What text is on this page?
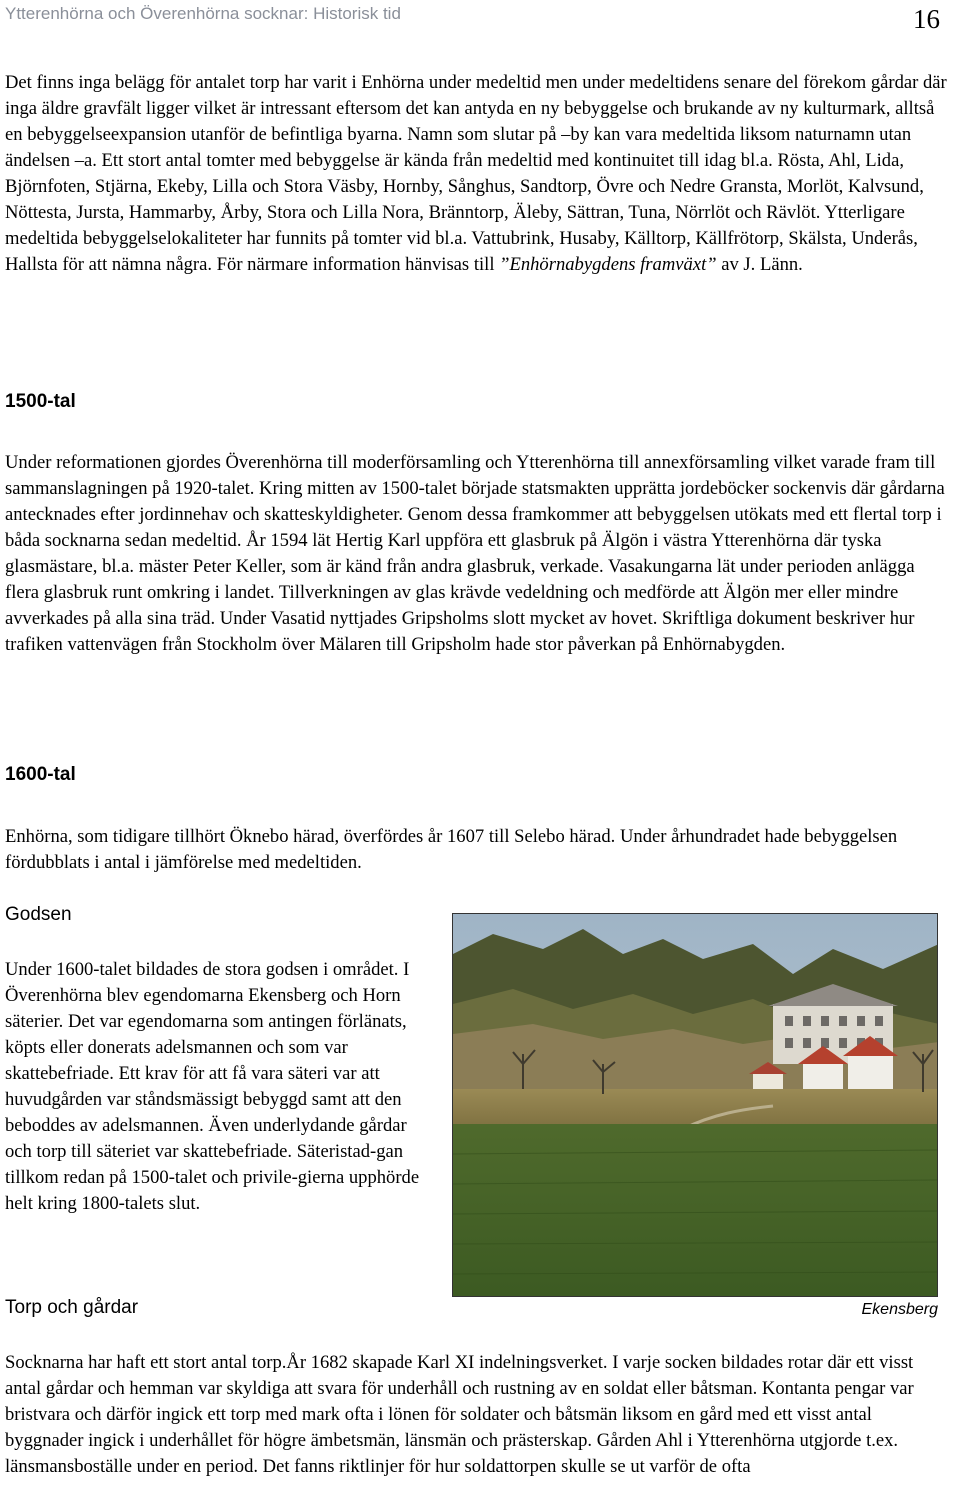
Ytterenhörna och Överenhörna socknar: Historisk tid	16

Det finns inga belägg för antalet torp har varit i Enhörna under medeltid men under medeltidens senare del förekom gårdar där inga äldre gravfält ligger vilket är intressant eftersom det kan antyda en ny bebyggelse och brukande av ny kulturmark, alltså en bebyggelseexpansion utanför de befintliga byarna. Namn som slutar på –by kan vara medeltida liksom naturnamn utan ändelsen –a. Ett stort antal tomter med bebyggelse är kända från medeltid med kontinuitet till idag bl.a. Rösta, Ahl, Lida, Björnfoten, Stjärna, Ekeby, Lilla och Stora Väsby, Hornby, Sånghus, Sandtorp, Övre och Nedre Gransta, Morlöt, Kalvsund, Nöttesta, Jursta, Hammarby, Årby, Stora och Lilla Nora, Bränntorp, Äleby, Sättran, Tuna, Nörrlöt och Rävlöt. Ytterligare medeltida bebyggelselokaliteter har funnits på tomter vid bl.a. Vattubrink, Husaby, Källtorp, Källfrötorp, Skälsta, Underås, Hallsta för att nämna några. För närmare information hänvisas till ”Enhörnabygdens framväxt” av J. Länn.

1500-tal

Under reformationen gjordes Överenhörna till moderförsamling och Ytterenhörna till annexförsamling vilket varade fram till sammanslagningen på 1920-talet. Kring mitten av 1500-talet började statsmakten upprätta jordeböcker sockenvis där gårdarna antecknades efter jordinnehav och skatteskyldigheter. Genom dessa framkommer att bebyggelsen utökats med ett flertal torp i båda socknarna sedan medeltid. År 1594 lät Hertig Karl uppföra ett glasbruk på Älgön i västra Ytterenhörna där tyska glasmästare, bl.a. mäster Peter Keller, som är känd från andra glasbruk, verkade. Vasakungarna lät under perioden anlägga flera glasbruk runt omkring i landet. Tillverkningen av glas krävde vedeldning och medförde att Älgön mer eller mindre avverkades på alla sina träd. Under Vasatid nyttjades Gripsholms slott mycket av hovet. Skriftliga dokument beskriver hur trafiken vattenvägen från Stockholm över Mälaren till Gripsholm hade stor påverkan på Enhörnabygden.

1600-tal

Enhörna, som tidigare tillhört Öknebo härad, överfördes år 1607 till Selebo härad. Under århundradet hade bebyggelsen fördubblats i antal i jämförelse med medeltiden.

Godsen

Under 1600-talet bildades de stora godsen i området. I Överenhörna blev egendomarna Ekensberg och Horn säterier. Det var egendomarna som antingen förlänats, köpts eller donerats adelsmannen och som var skattebefriade. Ett krav för att få vara säteri var att huvudgården var ståndsmässigt bebyggd samt att den beboddes av adelsmannen. Även underlydande gårdar och torp till säteriet var skattebefriade. Säteristad-gan tillkom redan på 1500-talet och privile-gierna upphörde helt kring 1800-talets slut.

Ekensberg
Torp och gårdar

Socknarna har haft ett stort antal torp.År 1682 skapade Karl XI indelningsverket. I varje socken bildades rotar där ett visst antal gårdar och hemman var skyldiga att svara för underhåll och rustning av en soldat eller båtsman. Kontanta pengar var bristvara och därför ingick ett torp med mark ofta i lönen för soldater och båtsmän liksom en gård med ett visst antal byggnader ingick i underhållet för högre ämbetsmän, länsmän och prästerskap. Gården Ahl i Ytterenhörna utgjorde t.ex. länsmansboställe under en period. Det fanns riktlinjer för hur soldattorpen skulle se ut varför de ofta
